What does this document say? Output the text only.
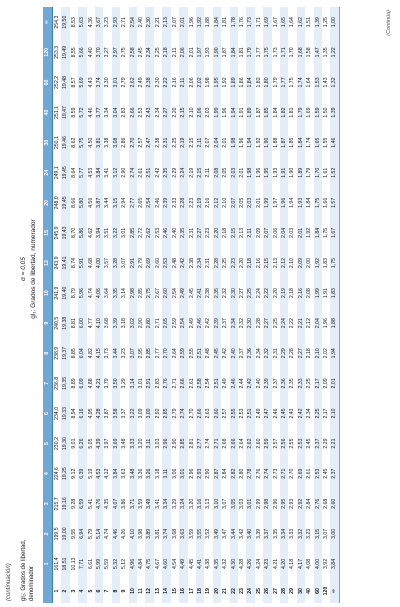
(continuación) gl₂: Grados de libertad, denominador
α = 0,05 gl₁: Grados de libertad, numerador
	1	2	3	4	5	6	7	8	9	10	12	15	20	24	30	40	60	120	∞
1	161,4	199,5	215,7	224,6	230,2	234,0	236,8	238,9	240,5	241,9	243,9	245,9	248,0	249,1	250,1	251,1	252,2	253,3	254,3
2	18,51	19,00	19,16	19,25	19,30	19,33	19,35	19,37	19,38	19,40	19,41	19,43	19,45	19,45	19,46	19,47	19,48	19,49	19,50
3	10,13	9,55	9,28	9,12	9,01	8,94	8,89	8,85	8,81	8,79	8,74	8,70	8,66	8,64	8,62	8,59	8,57	8,55	8,53
4	7,71	6,94	6,59	6,39	6,26	6,16	6,09	6,04	6,00	5,96	5,91	5,86	5,80	5,77	5,75	5,72	5,69	5,66	5,63
5	6,61	5,79	5,41	5,19	5,05	4,95	4,88	4,82	4,77	4,74	4,68	4,62	4,56	4,53	4,50	4,46	4,43	4,40	4,36
6	5,99	5,14	4,76	4,53	4,39	4,28	4,21	4,15	4,10	4,06	4,00	3,94	3,87	3,84	3,81	3,77	3,74	3,70	3,67
7	5,59	4,74	4,35	4,12	3,97	3,87	3,79	3,73	3,68	3,64	3,57	3,51	3,44	3,41	3,38	3,34	3,30	3,27	3,23
8	5,32	4,46	4,07	3,84	3,69	3,58	3,50	3,44	3,39	3,35	3,28	3,22	3,15	3,12	3,08	3,04	3,01	2,97	2,93
9	5,12	4,26	3,86	3,63	3,48	3,37	3,29	3,23	3,18	3,14	3,07	3,01	2,94	2,90	2,86	2,83	2,79	2,75	2,71
10	4,96	4,10	3,71	3,48	3,33	3,22	3,14	3,07	3,02	2,98	2,91	2,85	2,77	2,74	2,70	2,66	2,62	2,58	2,54
11	4,84	3,98	3,59	3,36	3,20	3,09	3,01	2,95	2,90	2,85	2,79	2,72	2,65	2,61	2,57	2,53	2,49	2,45	2,40
12	4,75	3,89	3,49	3,26	3,11	3,00	2,91	2,85	2,80	2,75	2,69	2,62	2,54	2,51	2,47	2,43	2,38	2,34	2,30
13	4,67	3,81	3,41	3,18	3,03	2,92	2,83	2,77	2,71	2,67	2,60	2,53	2,46	2,42	2,38	2,34	2,30	2,25	2,21
14	4,60	3,74	3,34	3,11	2,96	2,85	2,76	2,70	2,65	2,60	2,53	2,46	2,39	2,35	2,31	2,27	2,22	2,18	2,13
15	4,54	3,68	3,29	3,06	2,90	2,79	2,71	2,64	2,59	2,54	2,48	2,40	2,33	2,29	2,25	2,20	2,16	2,11	2,07
16	4,49	3,63	3,24	3,01	2,85	2,74	2,66	2,59	2,54	2,49	2,42	2,35	2,28	2,24	2,19	2,15	2,11	2,06	2,01
17	4,45	3,59	3,20	2,96	2,81	2,70	2,61	2,55	2,49	2,45	2,38	2,31	2,23	2,19	2,15	2,10	2,06	2,01	1,96
18	4,41	3,55	3,16	2,93	2,77	2,66	2,58	2,51	2,46	2,41	2,34	2,27	2,19	2,15	2,11	2,06	2,02	1,97	1,92
19	4,38	3,52	3,13	2,90	2,74	2,63	2,54	2,48	2,42	2,38	2,31	2,23	2,16	2,11	2,07	2,03	1,98	1,93	1,88
20	4,35	3,49	3,10	2,87	2,71	2,60	2,51	2,45	2,39	2,35	2,28	2,20	2,12	2,08	2,04	1,99	1,95	1,90	1,84
21	4,32	3,47	3,07	2,84	2,68	2,57	2,49	2,42	2,37	2,32	2,25	2,18	2,10	2,05	2,01	1,96	1,92	1,87	1,81
22	4,30	3,44	3,05	2,82	2,66	2,55	2,46	2,40	2,34	2,30	2,23	2,15	2,07	2,03	1,98	1,94	1,89	1,84	1,78
23	4,28	3,42	3,03	2,80	2,64	2,53	2,44	2,37	2,32	2,27	2,20	2,13	2,05	2,01	1,96	1,91	1,86	1,81	1,76
24	4,26	3,40	3,01	2,78	2,62	2,51	2,42	2,36	2,30	2,25	2,18	2,11	2,03	1,98	1,94	1,89	1,84	1,79	1,73
25	4,24	3,39	2,99	2,76	2,60	2,49	2,40	2,34	2,28	2,24	2,16	2,09	2,01	1,96	1,92	1,87	1,82	1,77	1,71
26	4,23	3,37	2,98	2,74	2,59	2,47	2,39	2,32	2,27	2,22	2,15	2,07	1,99	1,95	1,90	1,85	1,80	1,75	1,69
27	4,21	3,35	2,96	2,73	2,57	2,46	2,37	2,31	2,25	2,20	2,13	2,06	1,97	1,93	1,88	1,84	1,79	1,73	1,67
28	4,20	3,34	2,95	2,71	2,56	2,45	2,36	2,29	2,24	2,19	2,12	2,04	1,96	1,91	1,87	1,82	1,77	1,71	1,65
29	4,18	3,33	2,93	2,70	2,55	2,43	2,35	2,28	2,22	2,18	2,10	2,03	1,94	1,90	1,85	1,81	1,75	1,70	1,64
30	4,17	3,32	2,92	2,69	2,53	2,42	2,33	2,27	2,21	2,16	2,09	2,01	1,93	1,89	1,84	1,79	1,74	1,68	1,62
40	4,08	3,23	2,84	2,61	2,45	2,34	2,25	2,18	2,12	2,08	2,00	1,92	1,84	1,79	1,74	1,69	1,64	1,58	1,51
60	4,00	3,15	2,76	2,53	2,37	2,25	2,17	2,10	2,04	1,99	1,92	1,84	1,75	1,70	1,65	1,59	1,53	1,47	1,39
120	3,92	3,07	2,68	2,45	2,29	2,17	2,09	2,02	1,96	1,91	1,83	1,75	1,66	1,61	1,55	1,50	1,43	1,35	1,25
∞	3,84	3,00	2,60	2,37	2,21	2,10	2,01	1,94	1,88	1,83	1,75	1,67	1,57	1,52	1,46	1,39	1,32	1,22	1,00	(Continúa)
